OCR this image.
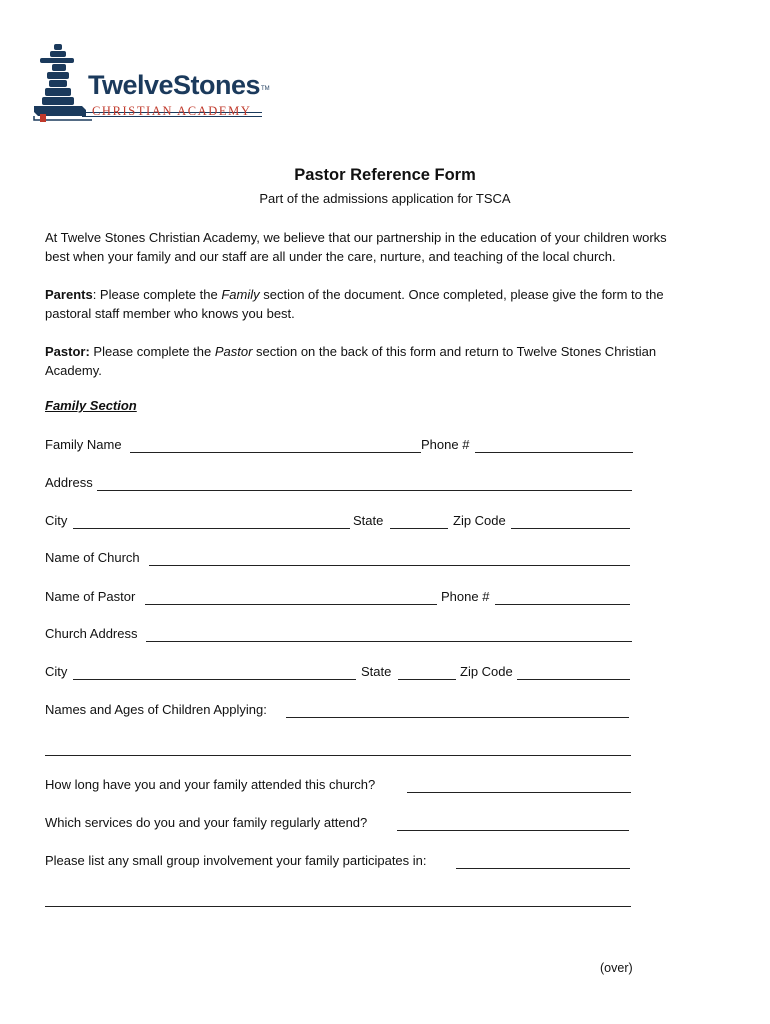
TwelveStones TM
CHRISTIAN ACADEMY
Pastor Reference Form
Part of the admissions application for TSCA
At Twelve Stones Christian Academy, we believe that our partnership in the education of your children works
best when your family and our staff are all under the care, nurture, and teaching of the local church.
Parents: Please complete the Family section of the document. Once completed, please give the form to the
pastoral staff member who knows you best.
Pastor: Please complete the Pastor section on the back of this form and return to Twelve Stones Christian
Academy.
Family Section
Family Name	Phone #
Address
City	State	Zip Code
Name of Church
Name of Pastor	Phone #
Church Address
City	State	Zip Code
Names and Ages of Children Applying:
How long have you and your family attended this church?
Which services do you and your family regularly attend?
Please list any small group involvement your family participates in:
(over)
